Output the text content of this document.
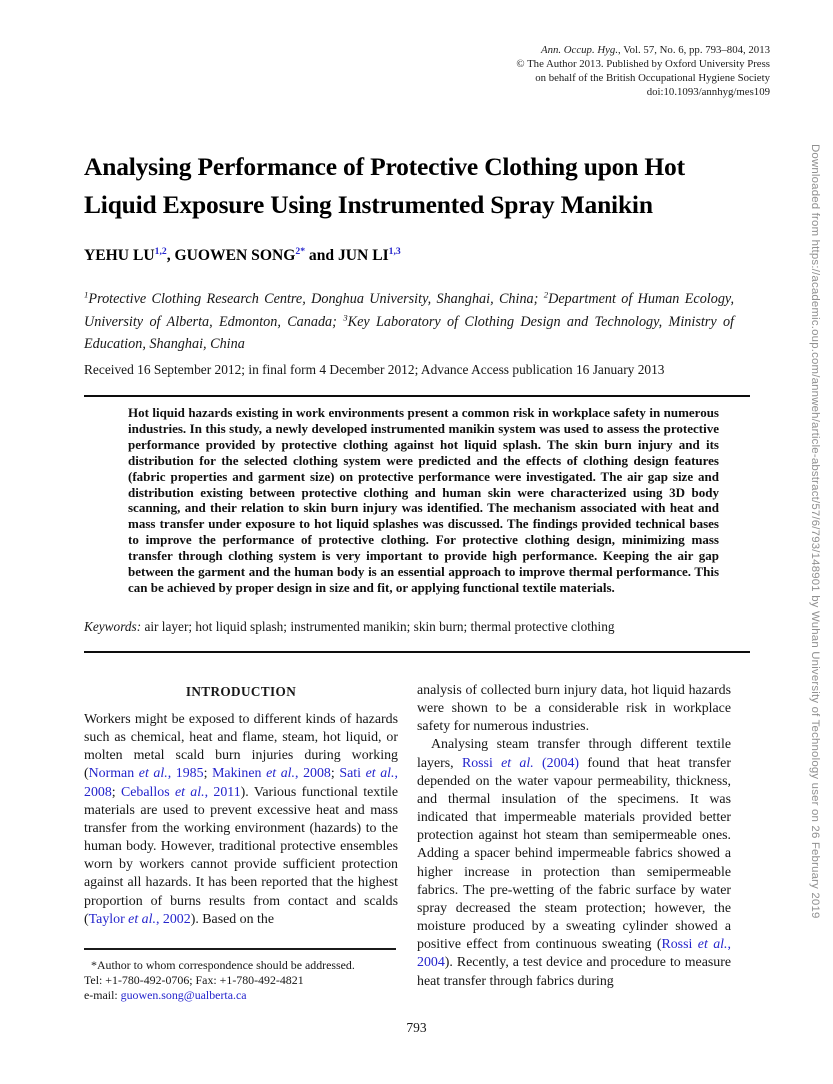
Ann. Occup. Hyg., Vol. 57, No. 6, pp. 793–804, 2013
© The Author 2013. Published by Oxford University Press
on behalf of the British Occupational Hygiene Society
doi:10.1093/annhyg/mes109
Analysing Performance of Protective Clothing upon Hot Liquid Exposure Using Instrumented Spray Manikin
YEHU LU$^{1,2}$, GUOWEN $SONG^{2*}$ and JUN LI$^{1,3}$
$^1$Protective Clothing Research Centre, Donghua University, Shanghai, China; $^2$Department of Human Ecology, University of Alberta, Edmonton, Canada; $^3$Key Laboratory of Clothing Design and Technology, Ministry of Education, Shanghai, China
Received 16 September 2012; in final form 4 December 2012; Advance Access publication 16 January 2013
Hot liquid hazards existing in work environments present a common risk in workplace safety in numerous industries. In this study, a newly developed instrumented manikin system was used to assess the protective performance provided by protective clothing against hot liquid splash. The skin burn injury and its distribution for the selected clothing system were predicted and the effects of clothing design features (fabric properties and garment size) on protective performance were investigated. The air gap size and distribution existing between protective clothing and human skin were characterized using 3D body scanning, and their relation to skin burn injury was identified. The mechanism associated with heat and mass transfer under exposure to hot liquid splashes was discussed. The findings provided technical bases to improve the performance of protective clothing. For protective clothing design, minimizing mass transfer through clothing system is very important to provide high performance. Keeping the air gap between the garment and the human body is an essential approach to improve thermal performance. This can be achieved by proper design in size and fit, or applying functional textile materials.
Keywords: air layer; hot liquid splash; instrumented manikin; skin burn; thermal protective clothing
INTRODUCTION

Workers might be exposed to different kinds of hazards such as chemical, heat and flame, steam, hot liquid, or molten metal scald burn injuries during working (Norman et al., 1985; Makinen et al., 2008; Sati et al., 2008; Ceballos et al., 2011). Various functional textile materials are used to prevent excessive heat and mass transfer from the working environment (hazards) to the human body. However, traditional protective ensembles worn by workers cannot provide sufficient protection against all hazards. It has been reported that the highest proportion of burns results from contact and scalds (Taylor et al., 2002). Based on the

analysis of collected burn injury data, hot liquid hazards were shown to be a considerable risk in workplace safety for numerous industries.

Analysing steam transfer through different textile layers, Rossi et al. (2004) found that heat transfer depended on the water vapour permeability, thickness, and thermal insulation of the specimens. It was indicated that impermeable materials provided better protection against hot steam than semipermeable ones. Adding a spacer behind impermeable fabrics showed a higher increase in protection than semipermeable fabrics. The pre-wetting of the fabric surface by water spray decreased the steam protection; however, the moisture produced by a sweating cylinder showed a positive effect from continuous sweating (Rossi et al., 2004). Recently, a test device and procedure to measure heat transfer through fabrics during

*Author to whom correspondence should be addressed.
Tel: +1-780-492-0706; Fax: +1-780-492-4821
e-mail: guowen.song@ualberta.ca
793
Downloaded from https://academic.oup.com/annweh/article-abstract/57/6/793/148901 by Wuhan University of Technology user on 26 February 2019
